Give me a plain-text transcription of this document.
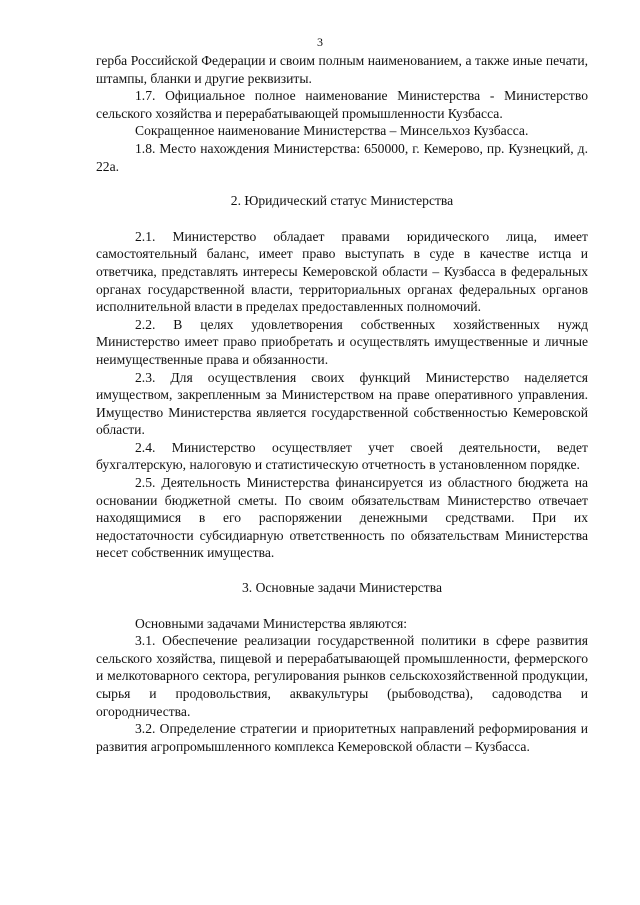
3

герба Российской Федерации и своим полным наименованием, а также иные печати, штампы, бланки и другие реквизиты.

1.7. Официальное полное наименование Министерства - Министерство сельского хозяйства и перерабатывающей промышленности Кузбасса.

Сокращенное наименование Министерства – Минсельхоз Кузбасса.

1.8. Место нахождения Министерства: 650000, г. Кемерово, пр. Кузнецкий, д. 22а.

2. Юридический статус Министерства

2.1. Министерство обладает правами юридического лица, имеет самостоятельный баланс, имеет право выступать в суде в качестве истца и ответчика, представлять интересы Кемеровской области – Кузбасса в федеральных органах государственной власти, территориальных органах федеральных органов исполнительной власти в пределах предоставленных полномочий.

2.2. В целях удовлетворения собственных хозяйственных нужд Министерство имеет право приобретать и осуществлять имущественные и личные неимущественные права и обязанности.

2.3. Для осуществления своих функций Министерство наделяется имуществом, закрепленным за Министерством на праве оперативного управления. Имущество Министерства является государственной собственностью Кемеровской области.

2.4. Министерство осуществляет учет своей деятельности, ведет бухгалтерскую, налоговую и статистическую отчетность в установленном порядке.

2.5. Деятельность Министерства финансируется из областного бюджета на основании бюджетной сметы. По своим обязательствам Министерство отвечает находящимися в его распоряжении денежными средствами. При их недостаточности субсидиарную ответственность по обязательствам Министерства несет собственник имущества.

3. Основные задачи Министерства

Основными задачами Министерства являются:

3.1. Обеспечение реализации государственной политики в сфере развития сельского хозяйства, пищевой и перерабатывающей промышленности, фермерского и мелкотоварного сектора, регулирования рынков сельскохозяйственной продукции, сырья и продовольствия, аквакультуры (рыбоводства), садоводства и огородничества.

3.2. Определение стратегии и приоритетных направлений реформирования и развития агропромышленного комплекса Кемеровской области – Кузбасса.
